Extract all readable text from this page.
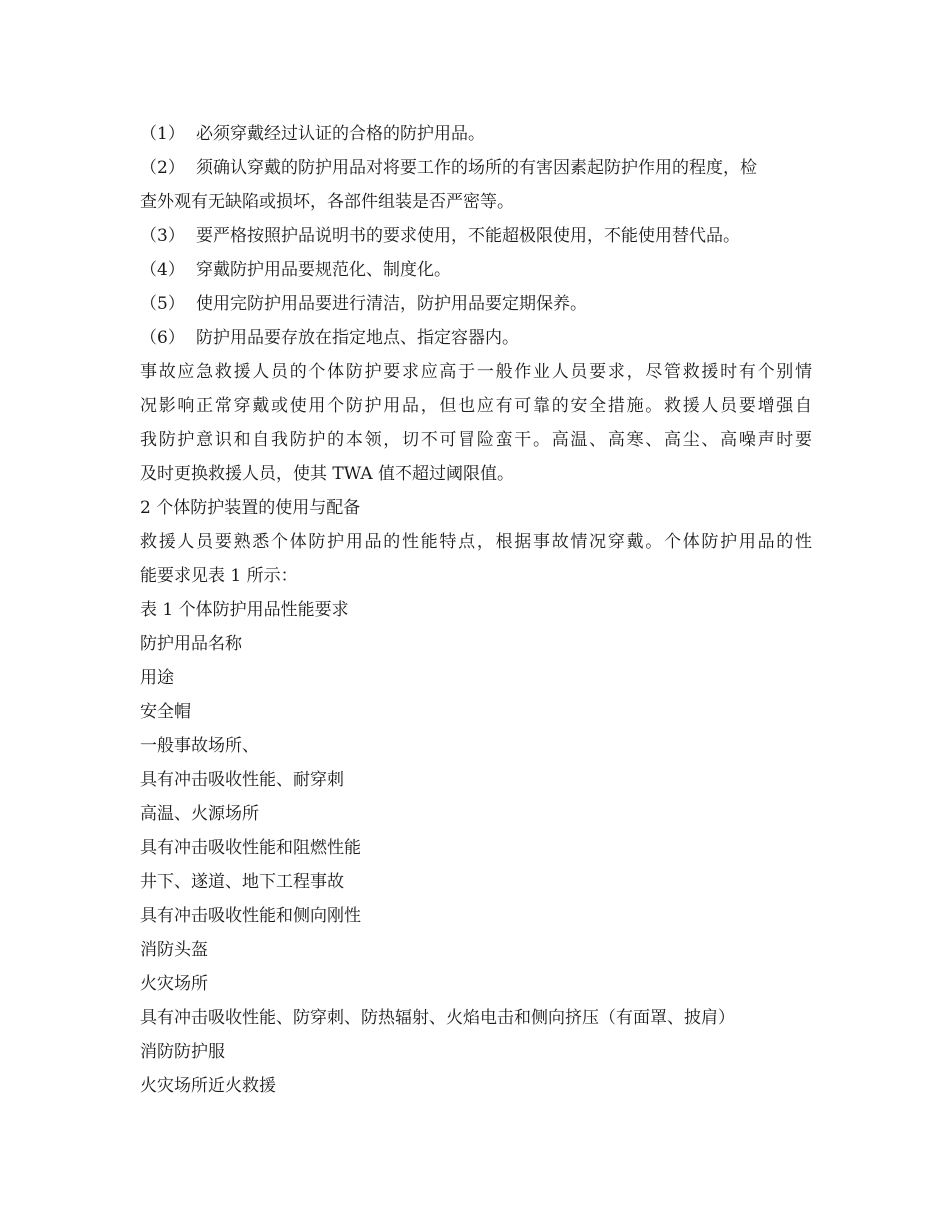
（1） 必须穿戴经过认证的合格的防护用品。
（2） 须确认穿戴的防护用品对将要工作的场所的有害因素起防护作用的程度，检
查外观有无缺陷或损坏，各部件组装是否严密等。
（3） 要严格按照护品说明书的要求使用，不能超极限使用，不能使用替代品。
（4） 穿戴防护用品要规范化、制度化。
（5） 使用完防护用品要进行清洁，防护用品要定期保养。
（6） 防护用品要存放在指定地点、指定容器内。
事故应急救援人员的个体防护要求应高于一般作业人员要求，尽管救援时有个别情
况影响正常穿戴或使用个防护用品，但也应有可靠的安全措施。救援人员要增强自
我防护意识和自我防护的本领，切不可冒险蛮干。高温、高寒、高尘、高噪声时要
及时更换救援人员，使其 TWA 值不超过阈限值。
2 个体防护装置的使用与配备
救援人员要熟悉个体防护用品的性能特点，根据事故情况穿戴。个体防护用品的性
能要求见表 1 所示：
表 1 个体防护用品性能要求
防护用品名称
用途
安全帽
一般事故场所、
具有冲击吸收性能、耐穿刺
高温、火源场所
具有冲击吸收性能和阻燃性能
井下、遂道、地下工程事故
具有冲击吸收性能和侧向刚性
消防头盔
火灾场所
具有冲击吸收性能、防穿刺、防热辐射、火焰电击和侧向挤压（有面罩、披肩）
消防防护服
火灾场所近火救援
